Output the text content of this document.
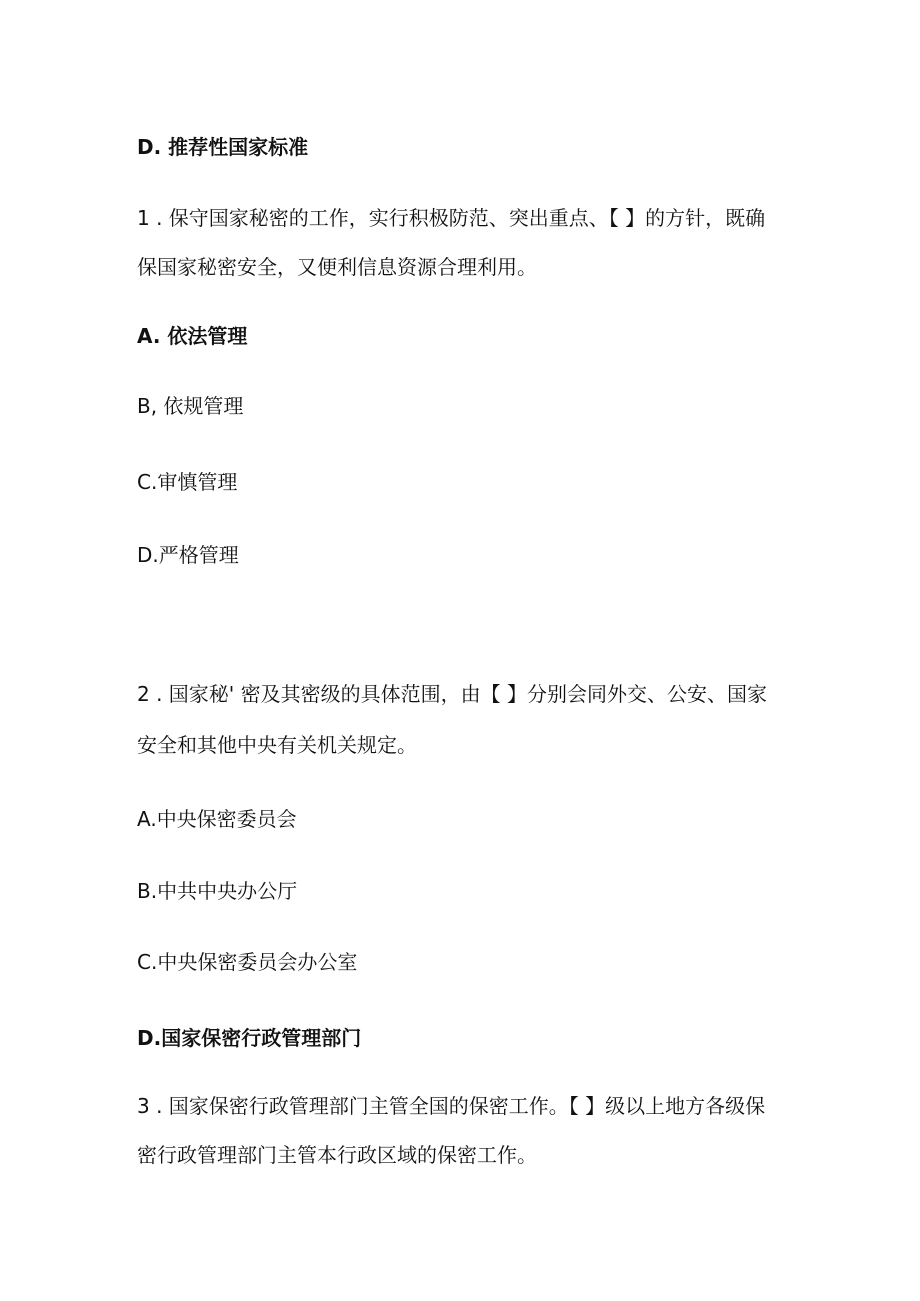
D. 推荐性国家标准
1 . 保守国家秘密的工作，实行积极防范、突出重点、【 】的方针，既确
保国家秘密安全，又便利信息资源合理利用。
A. 依法管理
B, 依规管理
C.审慎管理
D.严格管理
2 . 国家秘' 密及其密级的具体范围，由【 】分别会同外交、公安、国家
安全和其他中央有关机关规定。
A.中央保密委员会
B.中共中央办公厅
C.中央保密委员会办公室
D.国家保密行政管理部门
3 . 国家保密行政管理部门主管全国的保密工作。【 】级以上地方各级保
密行政管理部门主管本行政区域的保密工作。
